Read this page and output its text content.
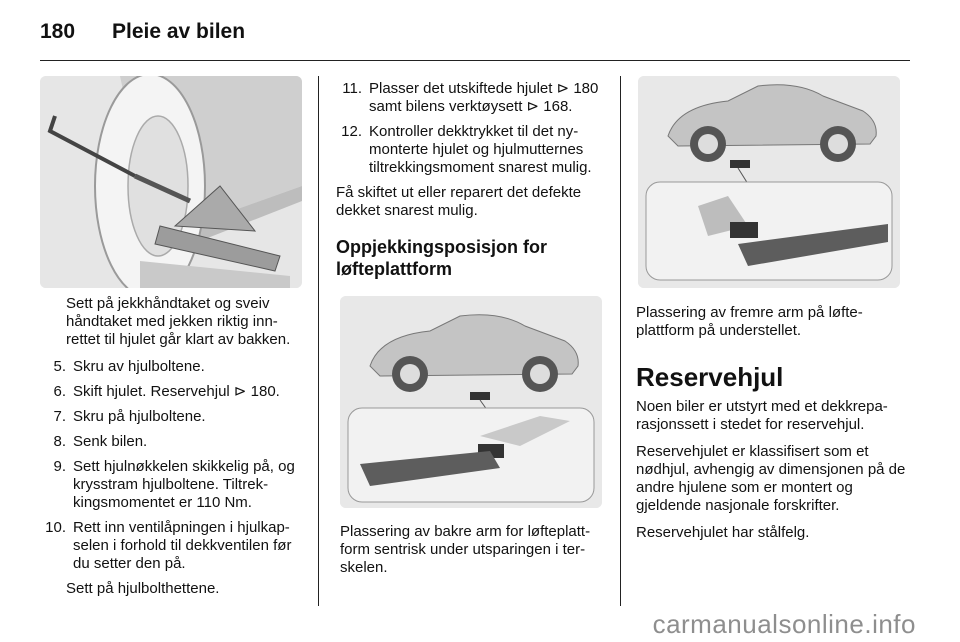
180 Pleie av bilen

Sett på jekkhåndtaket og sveiv håndtaket med jekken riktig inn-rettet til hjulet går klart av bakken.

5. Skru av hjulboltene.
6. Skift hjulet. Reservehjul ⊳ 180.
7. Skru på hjulboltene.
8. Senk bilen.
9. Sett hjulnøkkelen skikkelig på, og krysstram hjulboltene. Tiltrek-kingsmomentet er 110 Nm.
10. Rett inn ventilåpningen i hjulkap-selen i forhold til dekkventilen før du setter den på.

Sett på hjulbolthettene.

11. Plasser det utskiftede hjulet ⊳ 180 samt bilens verktøysett ⊳ 168.
12. Kontroller dekktrykket til det ny-monterte hjulet og hjulmutternes tiltrekkingsmoment snarest mulig.

Få skiftet ut eller reparert det defekte dekket snarest mulig.

Oppjekkingsposisjon for løfteplattform

Plassering av bakre arm for løfteplatt-form sentrisk under utsparingen i ter-skelen.

Plassering av fremre arm på løfte-plattform på understellet.

Reservehjul

Noen biler er utstyrt med et dekkrepa-rasjonssett i stedet for reservehjul.

Reservehjulet er klassifisert som et nødhjul, avhengig av dimensjonen på de andre hjulene som er montert og gjeldende nasjonale forskrifter.

Reservehjulet har stålfelg.

carmanualsonline.info
